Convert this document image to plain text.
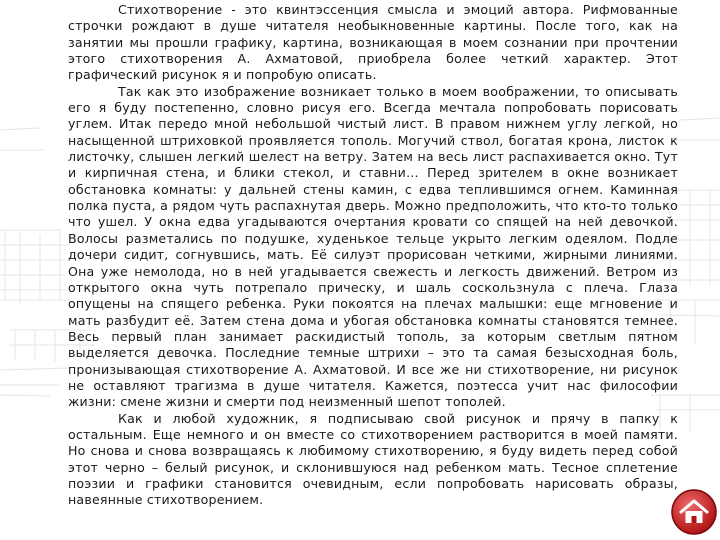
Стихотворение - это квинтэссенция смысла и эмоций автора. Рифмованные строчки рождают в душе читателя необыкновенные картины. После того, как на занятии мы прошли графику, картина, возникающая в моем сознании при прочтении этого стихотворения А. Ахматовой, приобрела более четкий характер. Этот графический рисунок я и попробую описать.

Так как это изображение возникает только в моем воображении, то описывать его я буду постепенно, словно рисуя его. Всегда мечтала попробовать порисовать углем. Итак передо мной небольшой чистый лист. В правом нижнем углу легкой, но насыщенной штриховкой проявляется тополь. Могучий ствол, богатая крона, листок к листочку, слышен легкий шелест на ветру. Затем на весь лист распахивается окно. Тут и кирпичная стена, и блики стекол, и ставни… Перед зрителем в окне возникает обстановка комнаты: у дальней стены камин, с едва теплившимся огнем. Каминная полка пуста, а рядом чуть распахнутая дверь. Можно предположить, что кто-то только что ушел. У окна едва угадываются очертания кровати со спящей на ней девочкой. Волосы разметались по подушке, худенькое тельце укрыто легким одеялом. Подле дочери сидит, согнувшись, мать. Её силуэт прорисован четкими, жирными линиями. Она уже немолода, но в ней угадывается свежесть и легкость движений. Ветром из открытого окна чуть потрепало прическу, и шаль соскользнула с плеча. Глаза опущены на спящего ребенка. Руки покоятся на плечах малышки: еще мгновение и мать разбудит её. Затем стена дома и убогая обстановка комнаты становятся темнее. Весь первый план занимает раскидистый тополь, за которым светлым пятном выделяется девочка. Последние темные штрихи – это та самая безысходная боль, пронизывающая стихотворение А. Ахматовой. И все же ни стихотворение, ни рисунок не оставляют трагизма в душе читателя. Кажется, поэтесса учит нас философии жизни: смене жизни и смерти под неизменный шепот тополей.

Как и любой художник, я подписываю свой рисунок и прячу в папку к остальным. Еще немного и он вместе со стихотворением растворится в моей памяти. Но снова и снова возвращаясь к любимому стихотворению, я буду видеть перед собой этот черно – белый рисунок, и склонившуюся над ребенком мать. Тесное сплетение поэзии и графики становится очевидным, если попробовать нарисовать образы, навеянные стихотворением.
